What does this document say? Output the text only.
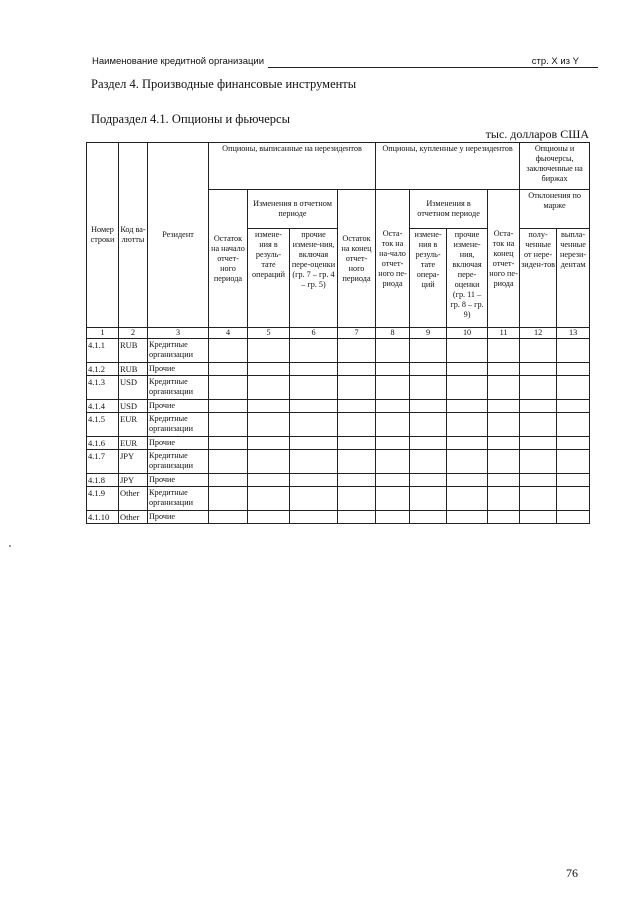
Наименование кредитной организации	стр. X из Y
Раздел 4. Производные финансовые инструменты
Подраздел 4.1. Опционы и фьючерсы
тыс. долларов США
Номер строки	Код ва-лютты	Резидент	Опционы, выписанные на нерезидентов				Опционы, купленные у нерезидентов				Опционы и фьючерсы, заключенные на биржах	
			Остаток на начало отчет-ного периода	Изменения в отчетном периоде		Остаток на конец отчет-ного периода	Оста-ток на на-чало отчет-ного пе-риода	Изменения в отчетном периоде		Оста-ток на конец отчет-ного пе-риода	Отклонения по марже	
				измене-ния в резуль-тате операций	прочие измене-ния, включая пере-оценки (гр. 7 – гр. 4 – гр. 5)			измене-ния в резуль-тате опера-ций	прочие измене-ния, включая пере-оценки (гр. 11 – гр. 8 – гр. 9)		полу-ченные от нере-зиден-тов	выпла-ченные нерези-дентам
1	2	3	4	5	6	7	8	9	10	11	12	13
4.1.1	RUB	Кредитные организации										
4.1.2	RUB	Прочие										
4.1.3	USD	Кредитные организации										
4.1.4	USD	Прочие										
4.1.5	EUR	Кредитные организации										
4.1.6	EUR	Прочие										
4.1.7	JPY	Кредитные организации										
4.1.8	JPY	Прочие										
4.1.9	Other	Кредитные организации										
4.1.10	Other	Прочие										
76
